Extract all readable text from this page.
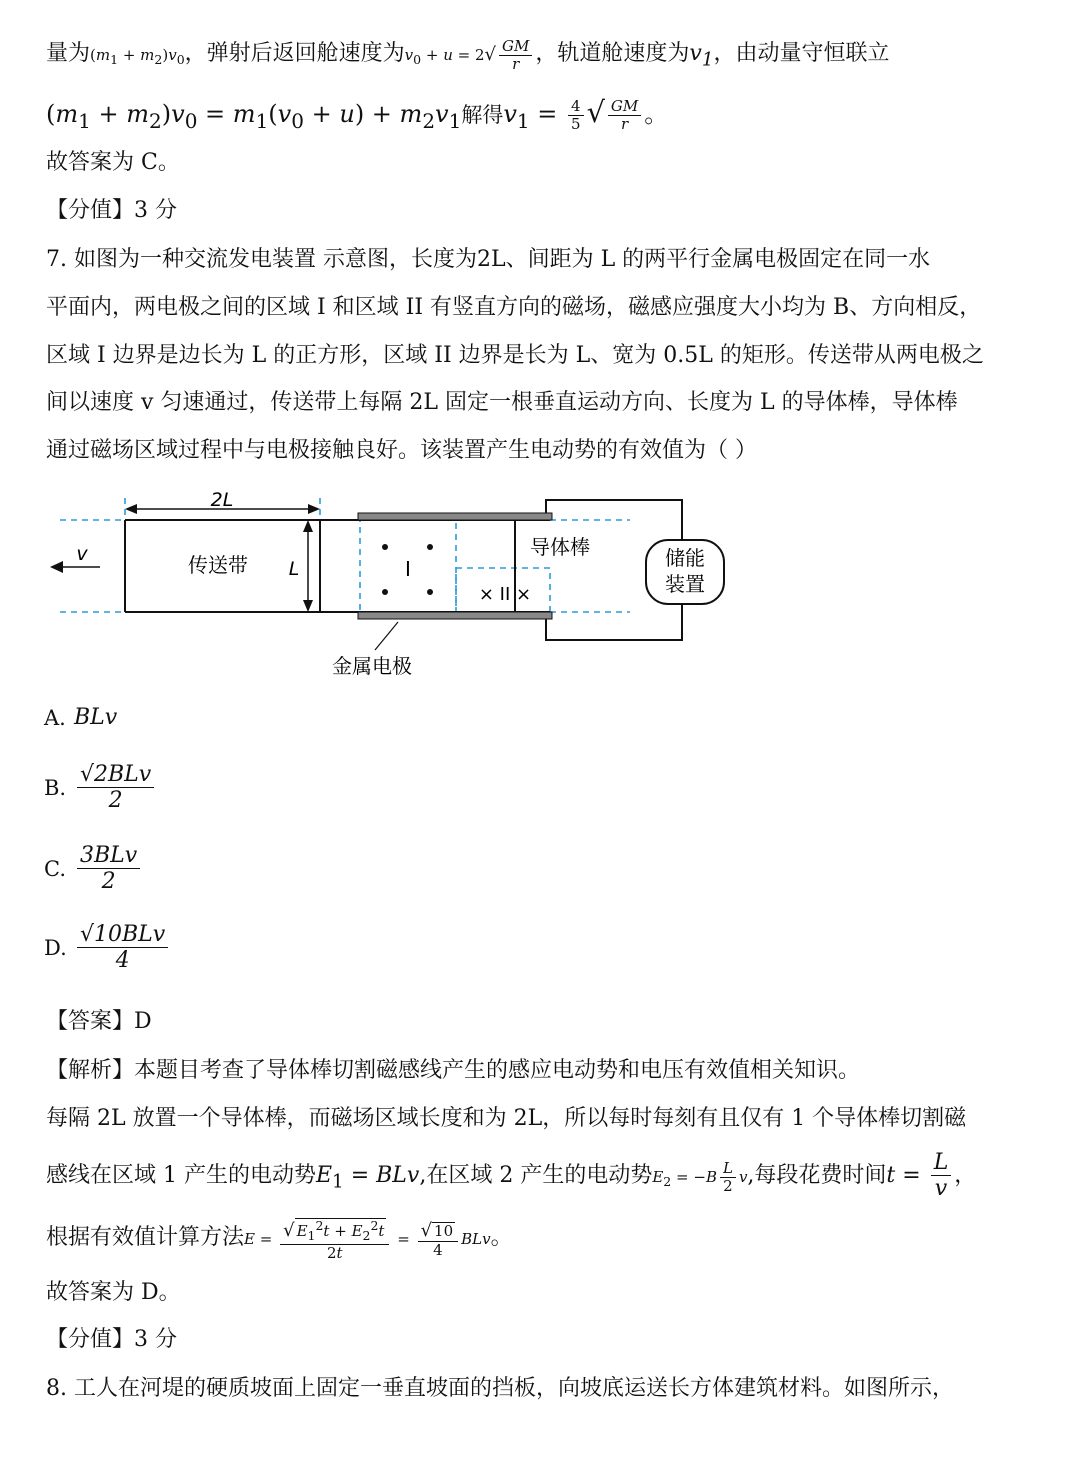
量为$(m_1 + m_2)v_0$，弹射后返回舱速度为$v_0 + u = 2√ \frac{GM}{r}$ ，轨道舱速度为$v_1$，由动量守恒联立
$(m_1 + m_2)v_0 = m_1(v_0 + u) + m_2v_1$解得$v_1 = \frac{4}{5}$ √ $\frac{GM}{r}$ 。
故答案为 C。
【分值】3 分
7. 如图为一种交流发电装置 示意图，长度为2L、间距为 L 的两平行金属电极固定在同一水
平面内，两电极之间的区域 I 和区域 II 有竖直方向的磁场，磁感应强度大小均为 B、方向相反，
区域 I 边界是边长为 L 的正方形，区域 II 边界是长为 L、宽为 0.5L 的矩形。传送带从两电极之
间以速度 v 匀速通过，传送带上每隔 2L 固定一根垂直运动方向、长度为 L 的导体棒，导体棒
通过磁场区域过程中与电极接触良好。该装置产生电动势的有效值为（ ）
2L
v	传送带 L	I
× II ×
导体棒	储能
装置
金属电极
A. BLv
B. $\frac{\text{√2BLv}}{2}$
C. $\frac{\text{3BLv}}{2}$
D. $\frac{\text{√10BLv}}{4}$
【答案】D
【解析】本题目考查了导体棒切割磁感线产生的感应电动势和电压有效值相关知识。
每隔 2L 放置一个导体棒，而磁场区域长度和为 2L，所以每时每刻有且仅有 1 个导体棒切割磁
感线在区域 1 产生的电动势$E_1$ = BLv,在区域 2 产生的电动势$E_2 = -B \frac{L}{2} v$,每段花费时间$t = \frac{L}{v}$ ，
根据有效值计算方法$E = \frac{√ E_1^2t + E_2^2t}{2t} = \frac{√ 10}{4}$ BLv。
故答案为 D。
【分值】3 分
8. 工人在河堤的硬质坡面上固定一垂直坡面的挡板，向坡底运送长方体建筑材料。如图所示，
